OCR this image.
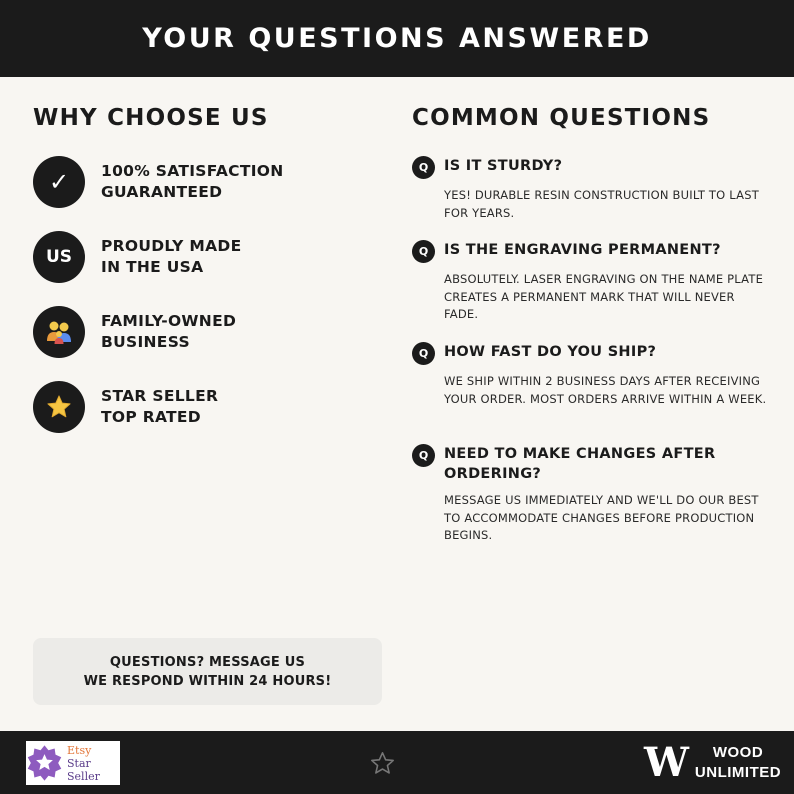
YOUR QUESTIONS ANSWERED
WHY CHOOSE US
✓ 100% SATISFACTION
GUARANTEED
US
PROUDLY MADE
IN THE USA
FAMILY-OWNED
BUSINESS
STAR SELLER
TOP RATED
COMMON QUESTIONS
Q	IS IT STURDY?
YES! DURABLE RESIN CONSTRUCTION BUILT TO LAST FOR YEARS.
Q	IS THE ENGRAVING PERMANENT?
ABSOLUTELY. LASER ENGRAVING ON THE NAME PLATE CREATES A PERMANENT MARK THAT WILL NEVER FADE.
Q	HOW FAST DO YOU SHIP?
WE SHIP WITHIN 2 BUSINESS DAYS AFTER RECEIVING YOUR ORDER. MOST ORDERS ARRIVE WITHIN A WEEK.
Q	NEED TO MAKE CHANGES AFTER ORDERING?
MESSAGE US IMMEDIATELY AND WE'LL DO OUR BEST TO ACCOMMODATE CHANGES BEFORE PRODUCTION BEGINS.
QUESTIONS? MESSAGE US
WE RESPOND WITHIN 24 HOURS!
Etsy
Star Seller	W	WOOD
UNLIMITED
